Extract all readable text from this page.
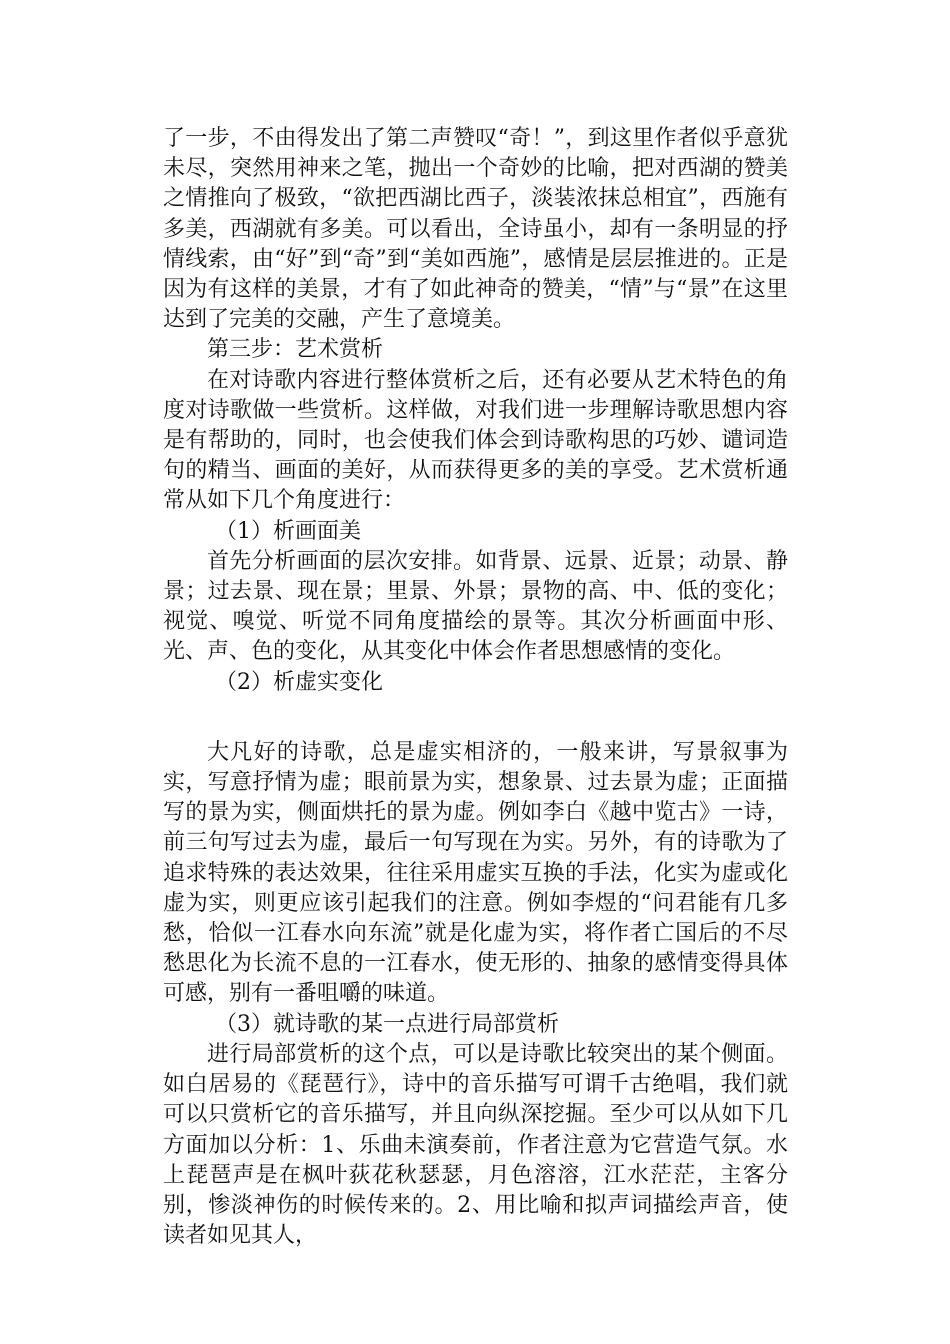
了一步，不由得发出了第二声赞叹“奇！”，到这里作者似乎意犹未尽，突然用神来之笔，抛出一个奇妙的比喻，把对西湖的赞美之情推向了极致，“欲把西湖比西子，淡装浓抹总相宜”，西施有多美，西湖就有多美。可以看出，全诗虽小，却有一条明显的抒情线索，由“好”到“奇”到“美如西施”，感情是层层推进的。正是因为有这样的美景，才有了如此神奇的赞美，“情”与“景”在这里达到了完美的交融，产生了意境美。

第三步：艺术赏析

在对诗歌内容进行整体赏析之后，还有必要从艺术特色的角度对诗歌做一些赏析。这样做，对我们进一步理解诗歌思想内容是有帮助的，同时，也会使我们体会到诗歌构思的巧妙、谴词造句的精当、画面的美好，从而获得更多的美的享受。艺术赏析通常从如下几个角度进行：

（1）析画面美

首先分析画面的层次安排。如背景、远景、近景；动景、静景；过去景、现在景；里景、外景；景物的高、中、低的变化；视觉、嗅觉、听觉不同角度描绘的景等。其次分析画面中形、光、声、色的变化，从其变化中体会作者思想感情的变化。

（2）析虚实变化

大凡好的诗歌，总是虚实相济的，一般来讲，写景叙事为实，写意抒情为虚；眼前景为实，想象景、过去景为虚；正面描写的景为实，侧面烘托的景为虚。例如李白《越中览古》一诗，前三句写过去为虚，最后一句写现在为实。另外，有的诗歌为了追求特殊的表达效果，往往采用虚实互换的手法，化实为虚或化虚为实，则更应该引起我们的注意。例如李煜的“问君能有几多愁，恰似一江春水向东流”就是化虚为实，将作者亡国后的不尽愁思化为长流不息的一江春水，使无形的、抽象的感情变得具体可感，别有一番咀嚼的味道。

（3）就诗歌的某一点进行局部赏析

进行局部赏析的这个点，可以是诗歌比较突出的某个侧面。如白居易的《琵琶行》，诗中的音乐描写可谓千古绝唱，我们就可以只赏析它的音乐描写，并且向纵深挖掘。至少可以从如下几方面加以分析：1、乐曲未演奏前，作者注意为它营造气氛。水上琵琶声是在枫叶荻花秋瑟瑟，月色溶溶，江水茫茫，主客分别，惨淡神伤的时候传来的。2、用比喻和拟声词描绘声音，使读者如见其人，
